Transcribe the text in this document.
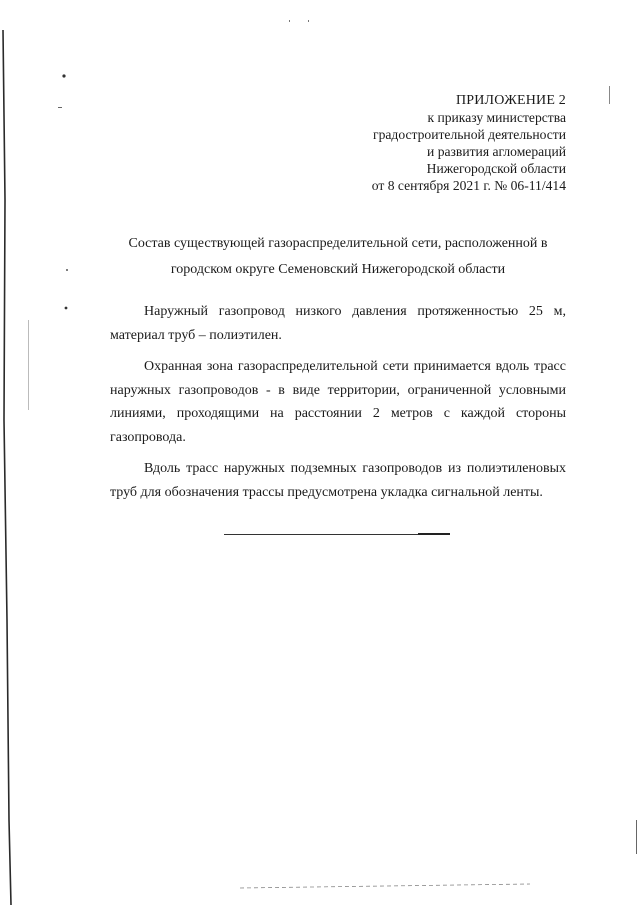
ПРИЛОЖЕНИЕ 2
к приказу министерства
градостроительной деятельности
и развития агломераций
Нижегородской области
от 8 сентября 2021 г. № 06-11/414
Состав существующей газораспределительной сети, расположенной в
городском округе Семеновский Нижегородской области

Наружный газопровод низкого давления протяженностью 25 м, материал труб – полиэтилен.

Охранная зона газораспределительной сети принимается вдоль трасс наружных газопроводов - в виде территории, ограниченной условными линиями, проходящими на расстоянии 2 метров с каждой стороны газопровода.

Вдоль трасс наружных подземных газопроводов из полиэтиленовых труб для обозначения трассы предусмотрена укладка сигнальной ленты.
